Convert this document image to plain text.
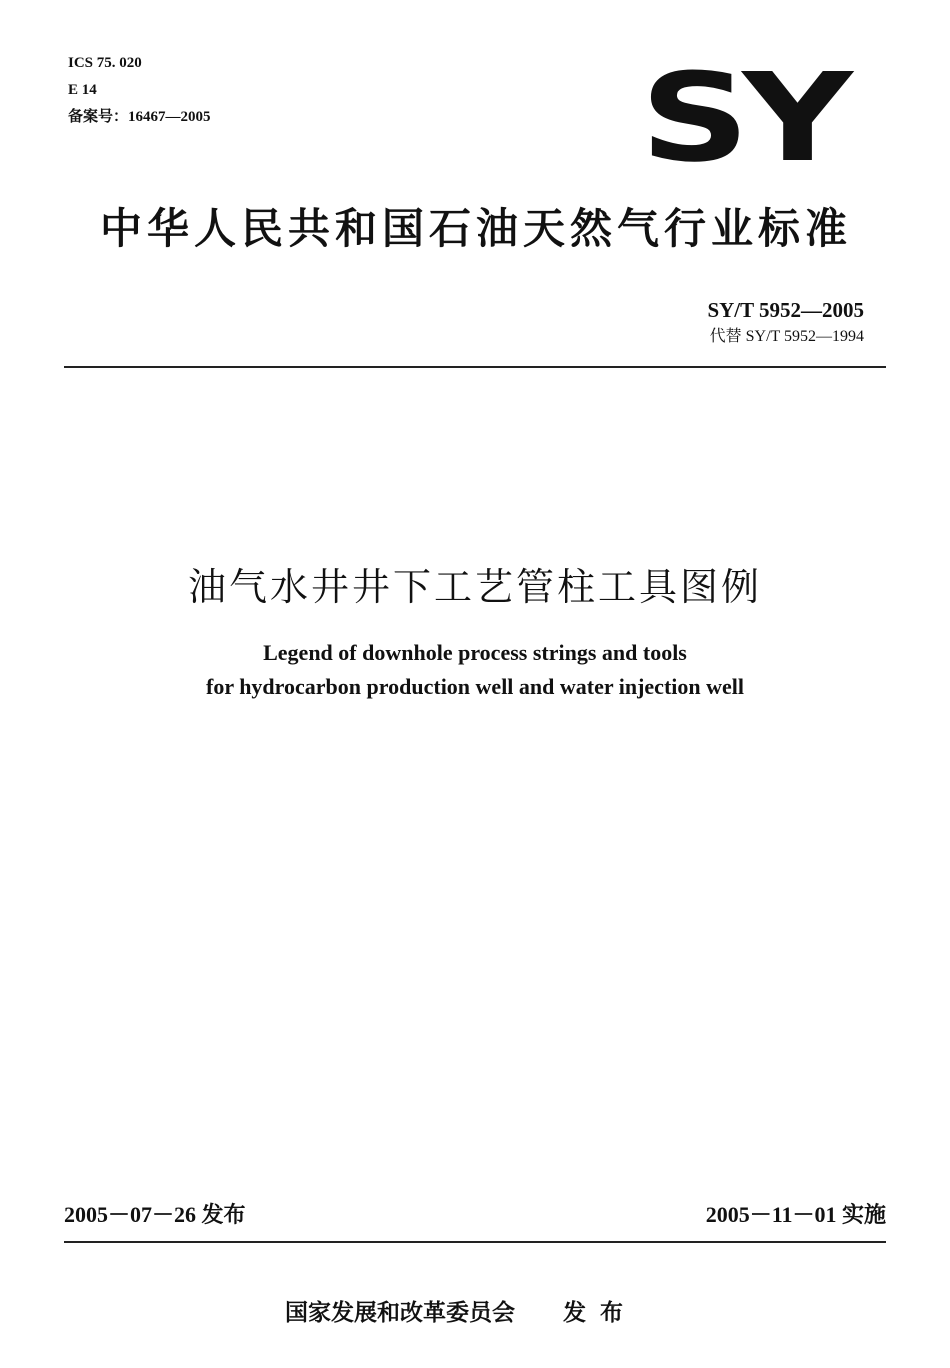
ICS 75. 020
E 14
备案号：16467—2005	SY
中华人民共和国石油天然气行业标准
SY/T 5952—2005
代替 SY/T 5952—1994
油气水井井下工艺管柱工具图例
Legend of downhole process strings and tools
for hydrocarbon production well and water injection well
2005－07－26 发布	2005－11－01 实施
国家发展和改革委员会 发布
